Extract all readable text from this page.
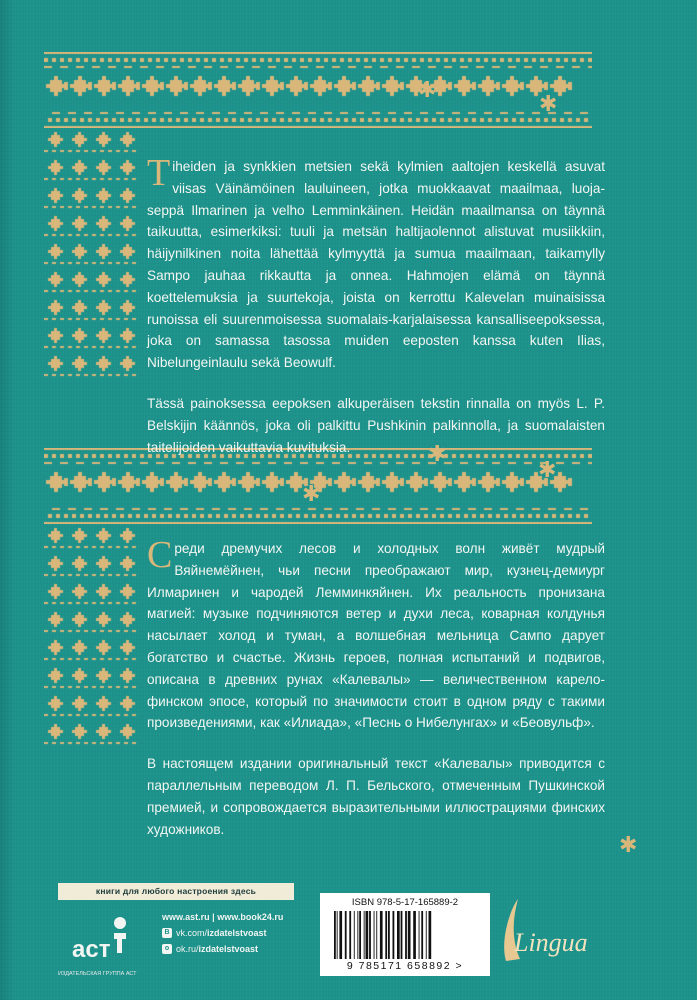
✱
✱
✱
✱
✱
✱

Tiheiden ja synkkien metsien sekä kylmien aaltojen keskellä asuvat viisas Väinämöinen lauluineen, jotka muokkaavat maailmaa, luoja-seppä Ilmarinen ja velho Lemminkäinen. Heidän maailmansa on täynnä taikuutta, esimerkiksi: tuuli ja metsän haltijaolennot alistuvat musiikkiin, häijynilkinen noita lähettää kylmyyttä ja sumua maailmaan, taikamylly Sampo jauhaa rikkautta ja onnea. Hahmojen elämä on täynnä koettelemuksia ja suurtekoja, joista on kerrottu Kalevelan muinaisissa runoissa eli suurenmoisessa suomalais-karjalaisessa kansalliseepoksessa, joka on samassa tasossa muiden eeposten kanssa kuten Ilias, Nibelungeinlaulu sekä Beowulf.

Tässä painoksessa eepoksen alkuperäisen tekstin rinnalla on myös L. P. Belskijin käännös, joka oli palkittu Pushkinin palkinnolla, ja suomalaisten taitelijoiden vaikuttavia kuvituksia.

Среди дремучих лесов и холодных волн живёт мудрый Вяйнемёйнен, чьи песни преображают мир, кузнец-демиург Илмаринен и чародей Лемминкяйнен. Их реальность пронизана магией: музыке подчиняются ветер и духи леса, коварная колдунья насылает холод и туман, а волшебная мельница Сампо дарует богатство и счастье. Жизнь героев, полная испытаний и подвигов, описана в древних рунах «Калевалы» — величественном карело-финском эпосе, который по значимости стоит в одном ряду с такими произведениями, как «Илиада», «Песнь о Нибелунгах» и «Беовульф».

В настоящем издании оригинальный текст «Калевалы» приводится с параллельным переводом Л. П. Бельского, отмеченным Пушкинской премией, и сопровождается выразительными иллюстрациями финских художников.

книги для любого настроения здесь
аст
ИЗДАТЕЛЬСКАЯ ГРУППА АСТ
www.ast.ru | www.book24.ru
B vk.com/ izdatelstvoast
o ok.ru/ izdatelstvoast
ISBN 978-5-17-165889-2
9 785171 658892 >
Lingua
